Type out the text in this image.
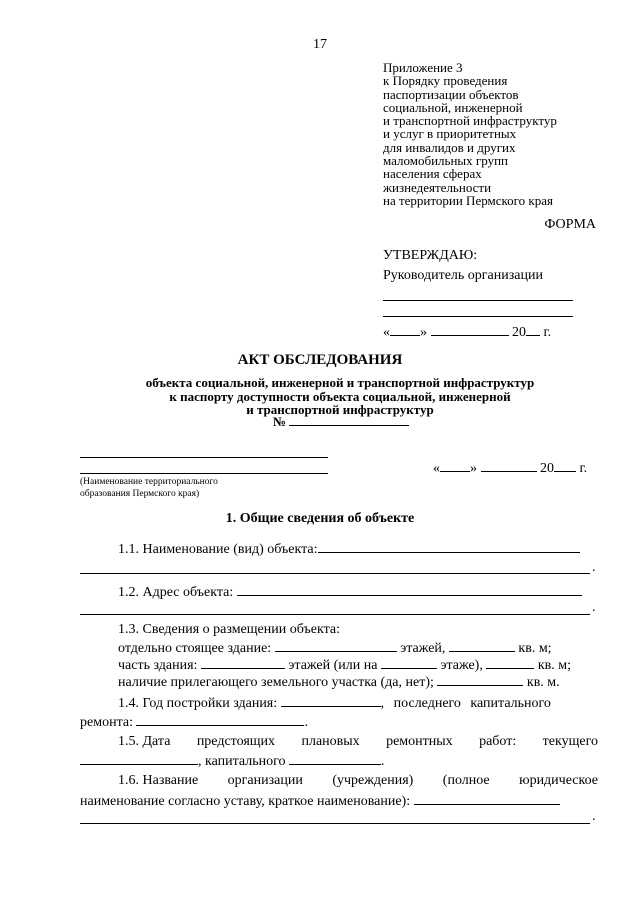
17
Приложение 3
к Порядку проведения
паспортизации объектов
социальной, инженерной
и транспортной инфраструктур
и услуг в приоритетных
для инвалидов и других
маломобильных групп
населения сферах
жизнедеятельности
на территории Пермского края
ФОРМА
УТВЕРЖДАЮ:
Руководитель организации
« »	20 г.
АКТ ОБСЛЕДОВАНИЯ
объекта социальной, инженерной и транспортной инфраструктур
к паспорту доступности объекта социальной, инженерной
и транспортной инфраструктур
№
(Наименование территориального
образования Пермского края)
« »	20 г.
1. Общие сведения об объекте
1.1. Наименование (вид) объекта:
.
1.2. Адрес объекта:
.
1.3. Сведения о размещении объекта:
отдельно стоящее здание:	этажей,	кв. м;
часть здания:	этажей (или на	этаже),	кв. м;
наличие прилегающего земельного участка (да, нет);	кв. м.
1.4. Год постройки здания:	, последнего капитального
ремонта:	.
1.5. Дата предстоящих плановых ремонтных работ: текущего
, капитального	.
1.6. Название организации (учреждения) (полное юридическое
наименование согласно уставу, краткое наименование):
.
